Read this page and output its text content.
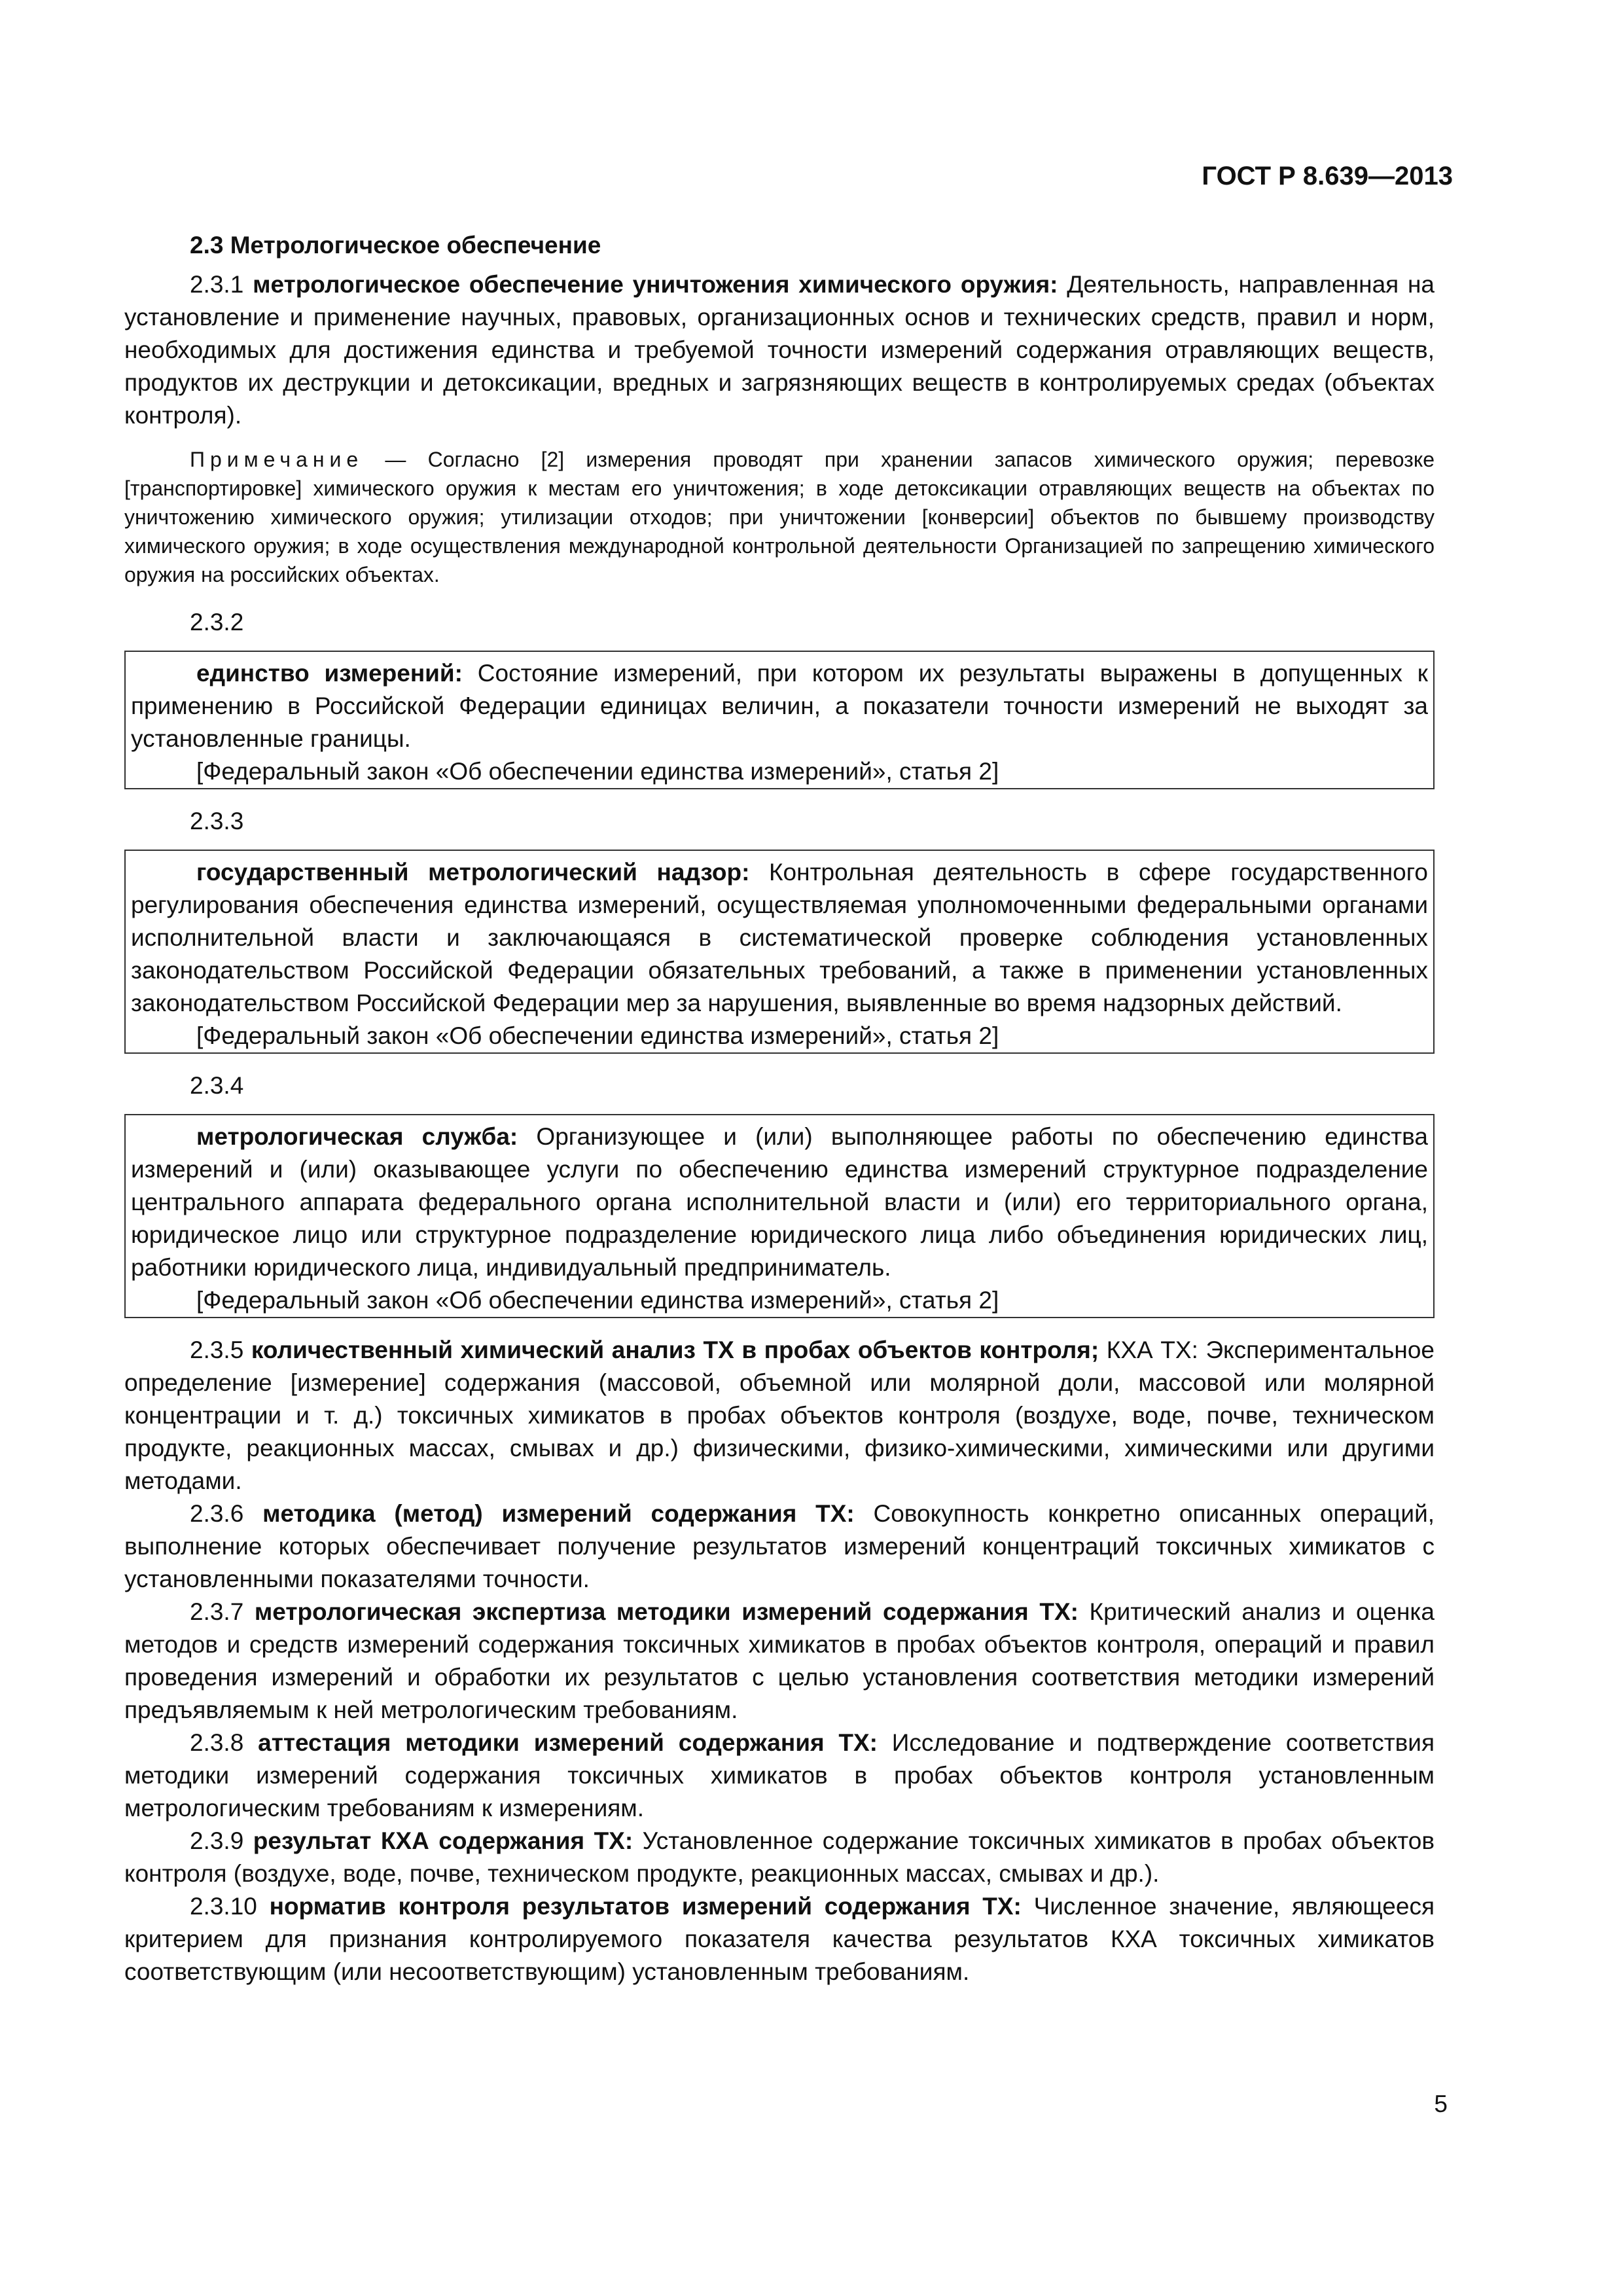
ГОСТ Р 8.639—2013

2.3 Метрологическое обеспечение

2.3.1 метрологическое обеспечение уничтожения химического оружия: Деятельность, направленная на установление и применение научных, правовых, организационных основ и технических средств, правил и норм, необходимых для достижения единства и требуемой точности измерений содержания отравляющих веществ, продуктов их деструкции и детоксикации, вредных и загрязняющих веществ в контролируемых средах (объектах контроля).

Примечание — Согласно [2] измерения проводят при хранении запасов химического оружия; перевозке [транспортировке] химического оружия к местам его уничтожения; в ходе детоксикации отравляющих веществ на объектах по уничтожению химического оружия; утилизации отходов; при уничтожении [конверсии] объектов по бывшему производству химического оружия; в ходе осуществления международной контрольной деятельности Организацией по запрещению химического оружия на российских объектах.

2.3.2

единство измерений: Состояние измерений, при котором их результаты выражены в допущенных к применению в Российской Федерации единицах величин, а показатели точности измерений не выходят за установленные границы.

[Федеральный закон «Об обеспечении единства измерений», статья 2]

2.3.3

государственный метрологический надзор: Контрольная деятельность в сфере государственного регулирования обеспечения единства измерений, осуществляемая уполномоченными федеральными органами исполнительной власти и заключающаяся в систематической проверке соблюдения установленных законодательством Российской Федерации обязательных требований, а также в применении установленных законодательством Российской Федерации мер за нарушения, выявленные во время надзорных действий.

[Федеральный закон «Об обеспечении единства измерений», статья 2]

2.3.4

метрологическая служба: Организующее и (или) выполняющее работы по обеспечению единства измерений и (или) оказывающее услуги по обеспечению единства измерений структурное подразделение центрального аппарата федерального органа исполнительной власти и (или) его территориального органа, юридическое лицо или структурное подразделение юридического лица либо объединения юридических лиц, работники юридического лица, индивидуальный предприниматель.

[Федеральный закон «Об обеспечении единства измерений», статья 2]

2.3.5 количественный химический анализ ТХ в пробах объектов контроля; КХА ТХ: Экспериментальное определение [измерение] содержания (массовой, объемной или молярной доли, массовой или молярной концентрации и т. д.) токсичных химикатов в пробах объектов контроля (воздухе, воде, почве, техническом продукте, реакционных массах, смывах и др.) физическими, физико-химическими, химическими или другими методами.

2.3.6 методика (метод) измерений содержания ТХ: Совокупность конкретно описанных операций, выполнение которых обеспечивает получение результатов измерений концентраций токсичных химикатов с установленными показателями точности.

2.3.7 метрологическая экспертиза методики измерений содержания ТХ: Критический анализ и оценка методов и средств измерений содержания токсичных химикатов в пробах объектов контроля, операций и правил проведения измерений и обработки их результатов с целью установления соответствия методики измерений предъявляемым к ней метрологическим требованиям.

2.3.8 аттестация методики измерений содержания ТХ: Исследование и подтверждение соответствия методики измерений содержания токсичных химикатов в пробах объектов контроля установленным метрологическим требованиям к измерениям.

2.3.9 результат КХА содержания ТХ: Установленное содержание токсичных химикатов в пробах объектов контроля (воздухе, воде, почве, техническом продукте, реакционных массах, смывах и др.).

2.3.10 норматив контроля результатов измерений содержания ТХ: Численное значение, являющееся критерием для признания контролируемого показателя качества результатов КХА токсичных химикатов соответствующим (или несоответствующим) установленным требованиям.

5
